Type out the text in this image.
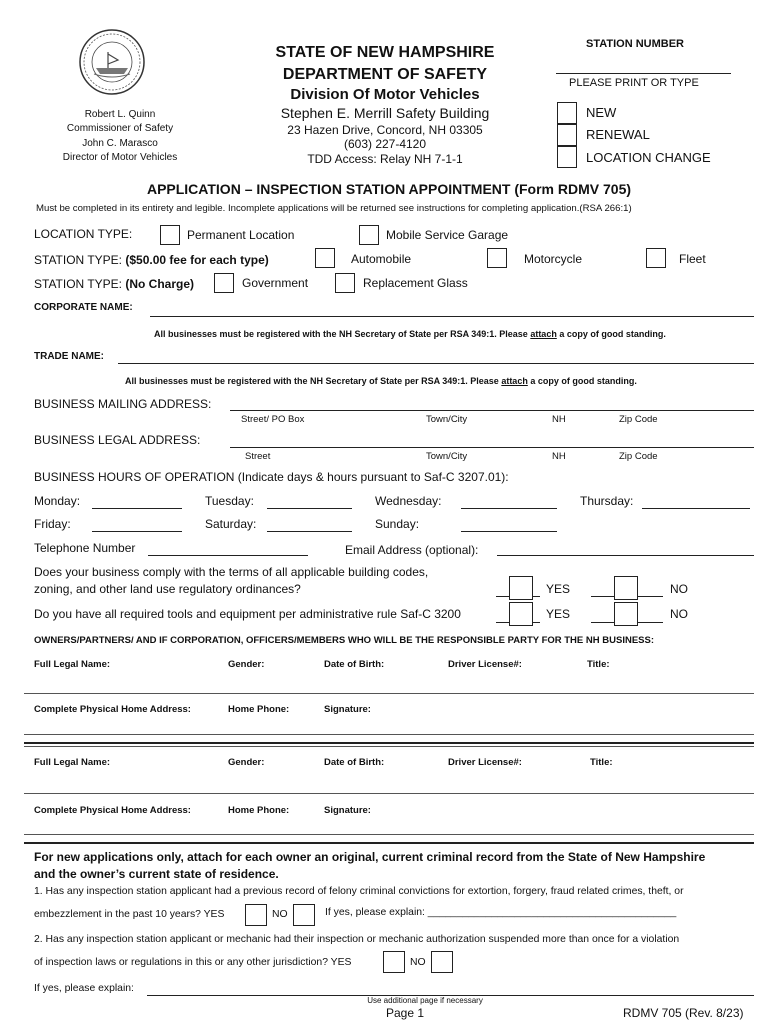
STATE OF NEW HAMPSHIRE
DEPARTMENT OF SAFETY
Division Of Motor Vehicles
Stephen E. Merrill Safety Building
23 Hazen Drive, Concord, NH 03305
(603) 227-4120
TDD Access: Relay NH 7-1-1
Robert L. Quinn
Commissioner of Safety
John C. Marasco
Director of Motor Vehicles
STATION NUMBER
PLEASE PRINT OR TYPE
NEW
RENEWAL
LOCATION CHANGE
APPLICATION – INSPECTION STATION APPOINTMENT (Form RDMV 705)
Must be completed in its entirety and legible. Incomplete applications will be returned see instructions for completing application.(RSA 266:1)
LOCATION TYPE:	Permanent Location	Mobile Service Garage
STATION TYPE: ($50.00 fee for each type)	Automobile	Motorcycle	Fleet
STATION TYPE: (No Charge)	Government	Replacement Glass
CORPORATE NAME:
All businesses must be registered with the NH Secretary of State per RSA 349:1. Please attach a copy of good standing.
TRADE NAME:
All businesses must be registered with the NH Secretary of State per RSA 349:1. Please attach a copy of good standing.
BUSINESS MAILING ADDRESS:
Street/ PO Box	Town/City	NH	Zip Code
BUSINESS LEGAL ADDRESS:
Street	Town/City	NH	Zip Code
BUSINESS HOURS OF OPERATION (Indicate days & hours pursuant to Saf-C 3207.01):
Monday:	Tuesday:	Wednesday:	Thursday:
Friday:	Saturday:	Sunday:
Telephone Number	Email Address (optional):
Does your business comply with the terms of all applicable building codes,
zoning, and other land use regulatory ordinances?	YES	NO
Do you have all required tools and equipment per administrative rule Saf-C 3200	YES	NO
OWNERS/PARTNERS/ AND IF CORPORATION, OFFICERS/MEMBERS WHO WILL BE THE RESPONSIBLE PARTY FOR THE NH BUSINESS:
Full Legal Name:	Gender:	Date of Birth:	Driver License#:	Title:
Complete Physical Home Address:	Home Phone:	Signature:
Full Legal Name:	Gender:	Date of Birth:	Driver License#:	Title:
Complete Physical Home Address:	Home Phone:	Signature:
For new applications only, attach for each owner an original, current criminal record from the State of New Hampshire
and the owner’s current state of residence.
1. Has any inspection station applicant had a previous record of felony criminal convictions for extortion, forgery, fraud related crimes, theft, or
embezzlement in the past 10 years? YES	NO	If yes, please explain: ___________________________________________
2. Has any inspection station applicant or mechanic had their inspection or mechanic authorization suspended more than once for a violation
of inspection laws or regulations in this or any other jurisdiction? YES	NO
If yes, please explain:
Use additional page if necessary
Page 1	RDMV 705 (Rev. 8/23)
